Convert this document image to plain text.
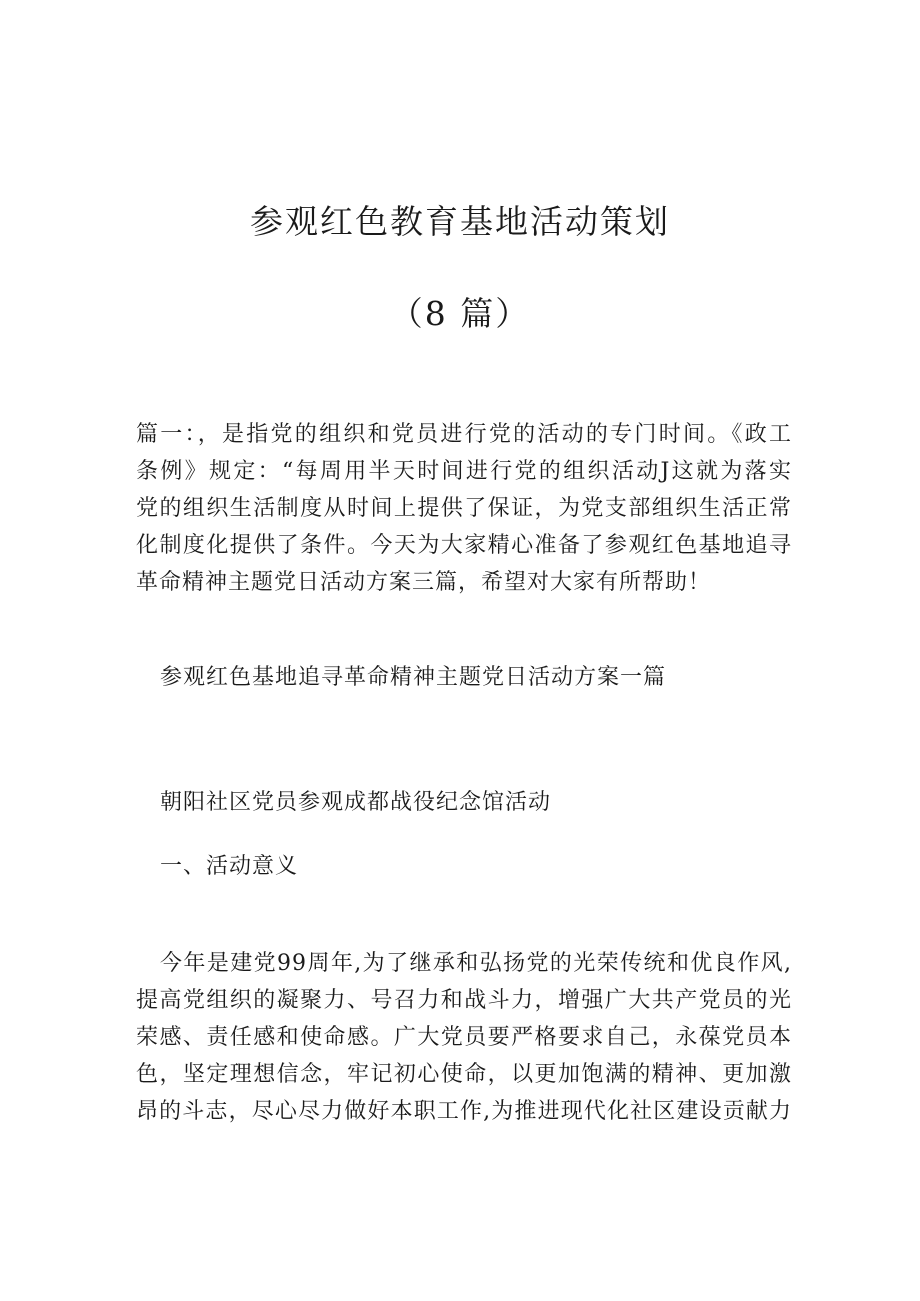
参观红色教育基地活动策划
（8 篇）
篇一：，是指党的组织和党员进行党的活动的专门时间。《政工
条例》规定：“每周用半天时间进行党的组织活动J这就为落实
党的组织生活制度从时间上提供了保证，为党支部组织生活正常
化制度化提供了条件。今天为大家精心准备了参观红色基地追寻
革命精神主题党日活动方案三篇，希望对大家有所帮助！

参观红色基地追寻革命精神主题党日活动方案一篇

朝阳社区党员参观成都战役纪念馆活动

一、活动意义

今年是建党99周年,为了继承和弘扬党的光荣传统和优良作风,
提高党组织的凝聚力、号召力和战斗力，增强广大共产党员的光
荣感、责任感和使命感。广大党员要严格要求自己，永葆党员本
色，坚定理想信念，牢记初心使命，以更加饱满的精神、更加激
昂的斗志，尽心尽力做好本职工作,为推进现代化社区建设贡献力
